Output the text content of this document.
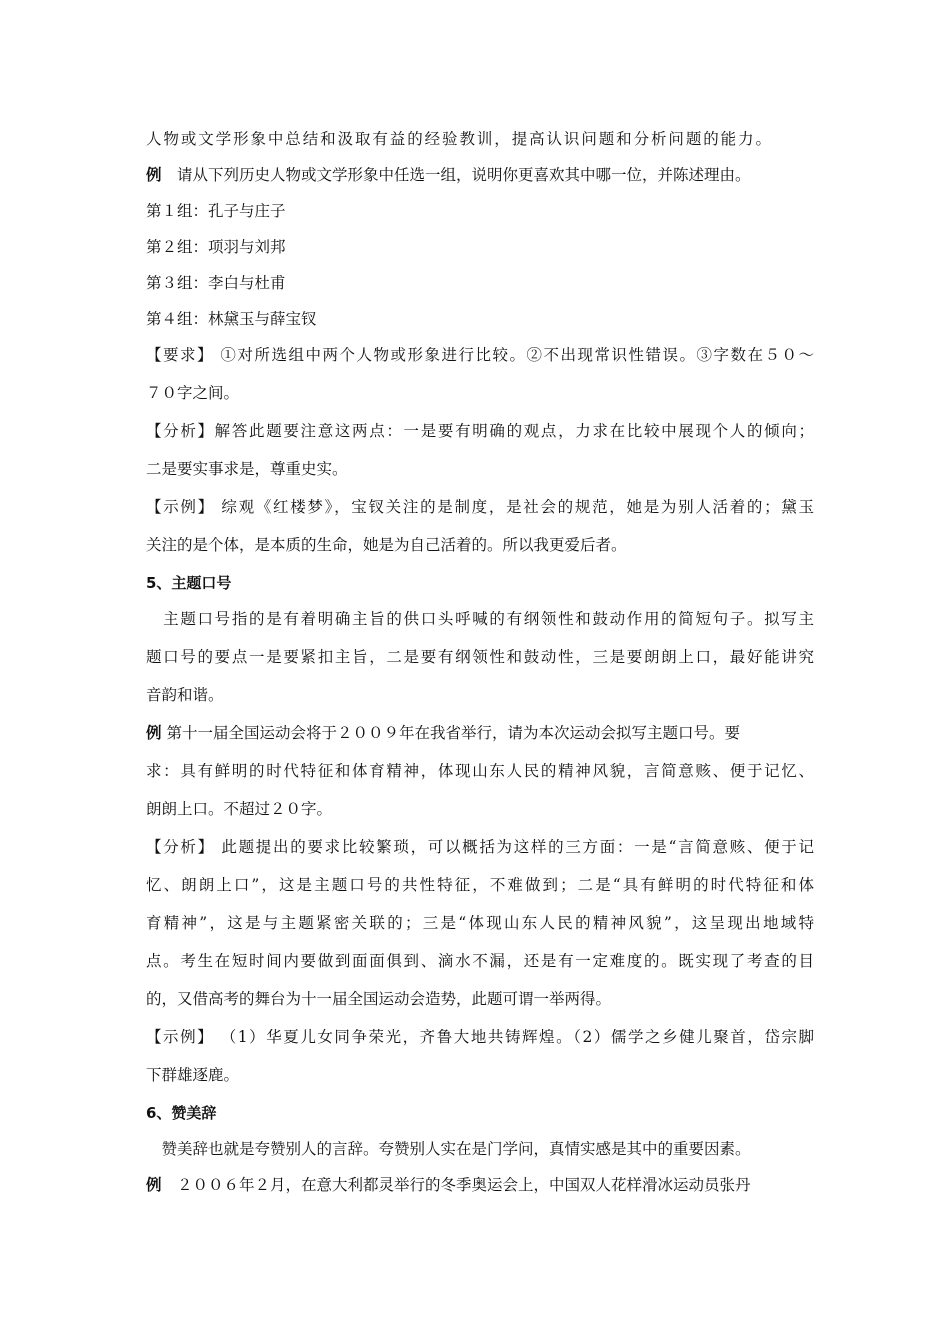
人物或文学形象中总结和汲取有益的经验教训，提高认识问题和分析问题的能力。
例　请从下列历史人物或文学形象中任选一组，说明你更喜欢其中哪一位，并陈述理由。
第１组：孔子与庄子
第２组：项羽与刘邦
第３组：李白与杜甫
第４组：林黛玉与薛宝钗
【要求】 ①对所选组中两个人物或形象进行比较。②不出现常识性错误。③字数在５０～
７０字之间。
【分析】解答此题要注意这两点：一是要有明确的观点，力求在比较中展现个人的倾向；
二是要实事求是，尊重史实。
【示例】 综观《红楼梦》，宝钗关注的是制度，是社会的规范，她是为别人活着的；黛玉
关注的是个体，是本质的生命，她是为自己活着的。所以我更爱后者。
5、主题口号
　主题口号指的是有着明确主旨的供口头呼喊的有纲领性和鼓动作用的简短句子。拟写主
题口号的要点一是要紧扣主旨，二是要有纲领性和鼓动性，三是要朗朗上口，最好能讲究
音韵和谐。
例 第十一届全国运动会将于２００９年在我省举行，请为本次运动会拟写主题口号。要
求：具有鲜明的时代特征和体育精神，体现山东人民的精神风貌，言简意赅、便于记忆、
朗朗上口。不超过２０字。
【分析】 此题提出的要求比较繁琐，可以概括为这样的三方面：一是“言简意赅、便于记
忆、朗朗上口”，这是主题口号的共性特征，不难做到；二是“具有鲜明的时代特征和体
育精神”，这是与主题紧密关联的；三是“体现山东人民的精神风貌”，这呈现出地域特
点。考生在短时间内要做到面面俱到、滴水不漏，还是有一定难度的。既实现了考查的目
的，又借高考的舞台为十一届全国运动会造势，此题可谓一举两得。
【示例】 （1）华夏儿女同争荣光，齐鲁大地共铸辉煌。（2）儒学之乡健儿聚首，岱宗脚
下群雄逐鹿。
6、赞美辞
　赞美辞也就是夸赞别人的言辞。夸赞别人实在是门学问，真情实感是其中的重要因素。
例　２００６年２月，在意大利都灵举行的冬季奥运会上，中国双人花样滑冰运动员张丹
